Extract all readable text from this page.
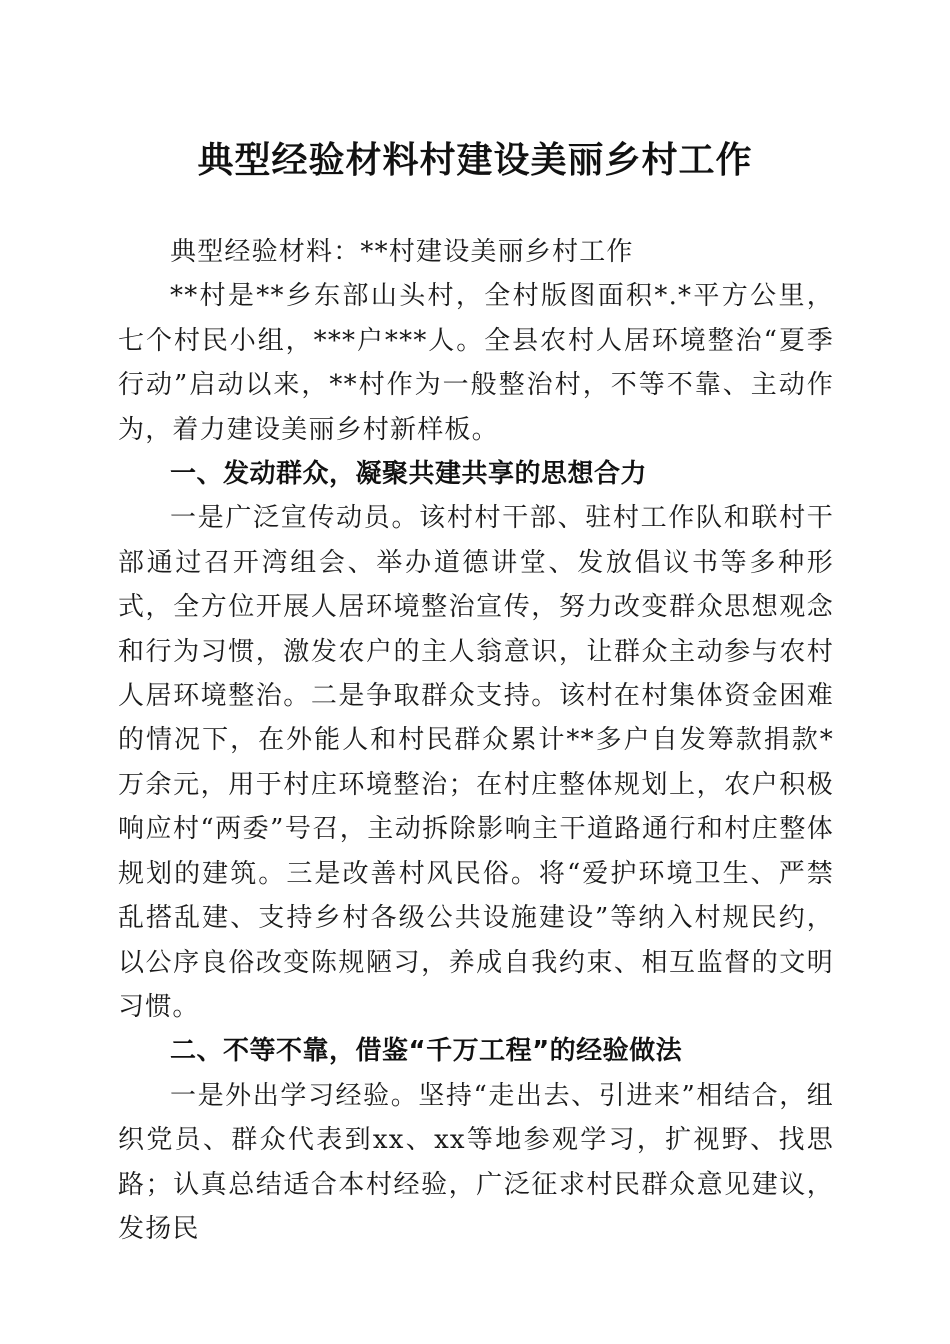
典型经验材料村建设美丽乡村工作

典型经验材料：**村建设美丽乡村工作

**村是**乡东部山头村，全村版图面积*.*平方公里，七个村民小组，***户***人。全县农村人居环境整治“夏季行动”启动以来，**村作为一般整治村，不等不靠、主动作为，着力建设美丽乡村新样板。

一、发动群众，凝聚共建共享的思想合力

一是广泛宣传动员。该村村干部、驻村工作队和联村干部通过召开湾组会、举办道德讲堂、发放倡议书等多种形式，全方位开展人居环境整治宣传，努力改变群众思想观念和行为习惯，激发农户的主人翁意识，让群众主动参与农村人居环境整治。二是争取群众支持。该村在村集体资金困难的情况下，在外能人和村民群众累计**多户自发筹款捐款*万余元，用于村庄环境整治；在村庄整体规划上，农户积极响应村“两委”号召，主动拆除影响主干道路通行和村庄整体规划的建筑。三是改善村风民俗。将“爱护环境卫生、严禁乱搭乱建、支持乡村各级公共设施建设”等纳入村规民约，以公序良俗改变陈规陋习，养成自我约束、相互监督的文明习惯。

二、不等不靠，借鉴“千万工程”的经验做法

一是外出学习经验。坚持“走出去、引进来”相结合，组织党员、群众代表到xx、xx等地参观学习，扩视野、找思路；认真总结适合本村经验，广泛征求村民群众意见建议，发扬民
